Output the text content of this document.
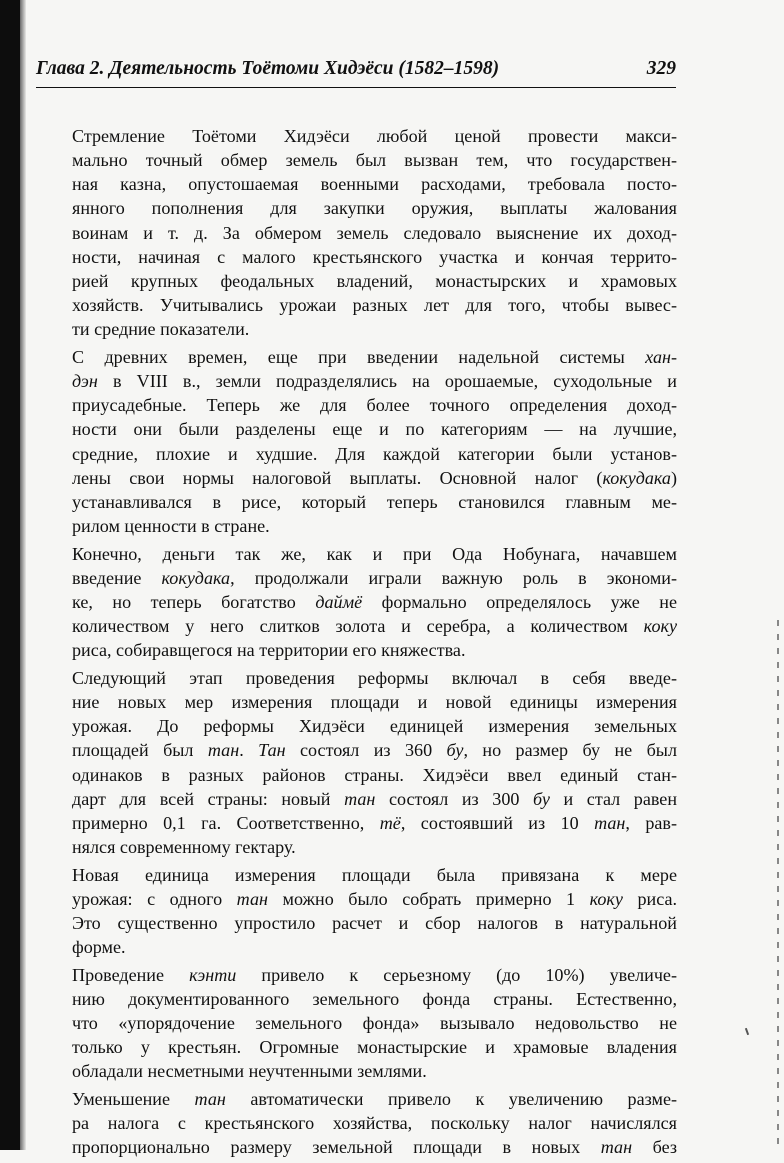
Глава 2. Деятельность Тоётоми Хидэёси (1582–1598)	329

Стремление Тоётоми Хидэёси любой ценой провести макси-
мально точный обмер земель был вызван тем, что государствен-
ная казна, опустошаемая военными расходами, требовала посто-
янного пополнения для закупки оружия, выплаты жалования
воинам и т. д. За обмером земель следовало выяснение их доход-
ности, начиная с малого крестьянского участка и кончая террито-
рией крупных феодальных владений, монастырских и храмовых
хозяйств. Учитывались урожаи разных лет для того, чтобы вывес-
ти средние показатели.

С древних времен, еще при введении надельной системы хан-
дэн в VIII в., земли подразделялись на орошаемые, суходольные и
приусадебные. Теперь же для более точного определения доход-
ности они были разделены еще и по категориям — на лучшие,
средние, плохие и худшие. Для каждой категории были установ-
лены свои нормы налоговой выплаты. Основной налог (кокудака)
устанавливался в рисе, который теперь становился главным ме-
рилом ценности в стране.

Конечно, деньги так же, как и при Ода Нобунага, начавшем
введение кокудака, продолжали играли важную роль в экономи-
ке, но теперь богатство даймё формально определялось уже не
количеством у него слитков золота и серебра, а количеством коку
риса, собиравщегося на территории его княжества.

Следующий этап проведения реформы включал в себя введе-
ние новых мер измерения площади и новой единицы измерения
урожая. До реформы Хидэёси единицей измерения земельных
площадей был тан. Тан состоял из 360 бу, но размер бу не был
одинаков в разных районов страны. Хидэёси ввел единый стан-
дарт для всей страны: новый тан состоял из 300 бу и стал равен
примерно 0,1 га. Соответственно, тё, состоявший из 10 тан, рав-
нялся современному гектару.

Новая единица измерения площади была привязана к мере
урожая: с одного тан можно было собрать примерно 1 коку риса.
Это существенно упростило расчет и сбор налогов в натуральной
форме.

Проведение кэнти привело к серьезному (до 10%) увеличе-
нию документированного земельного фонда страны. Естественно,
что «упорядочение земельного фонда» вызывало недовольство не
только у крестьян. Огромные монастырские и храмовые владения
обладали несметными неучтенными землями.

Уменьшение тан автоматически привело к увеличению разме-
ра налога с крестьянского хозяйства, поскольку налог начислялся
пропорционально размеру земельной площади в новых тан без
